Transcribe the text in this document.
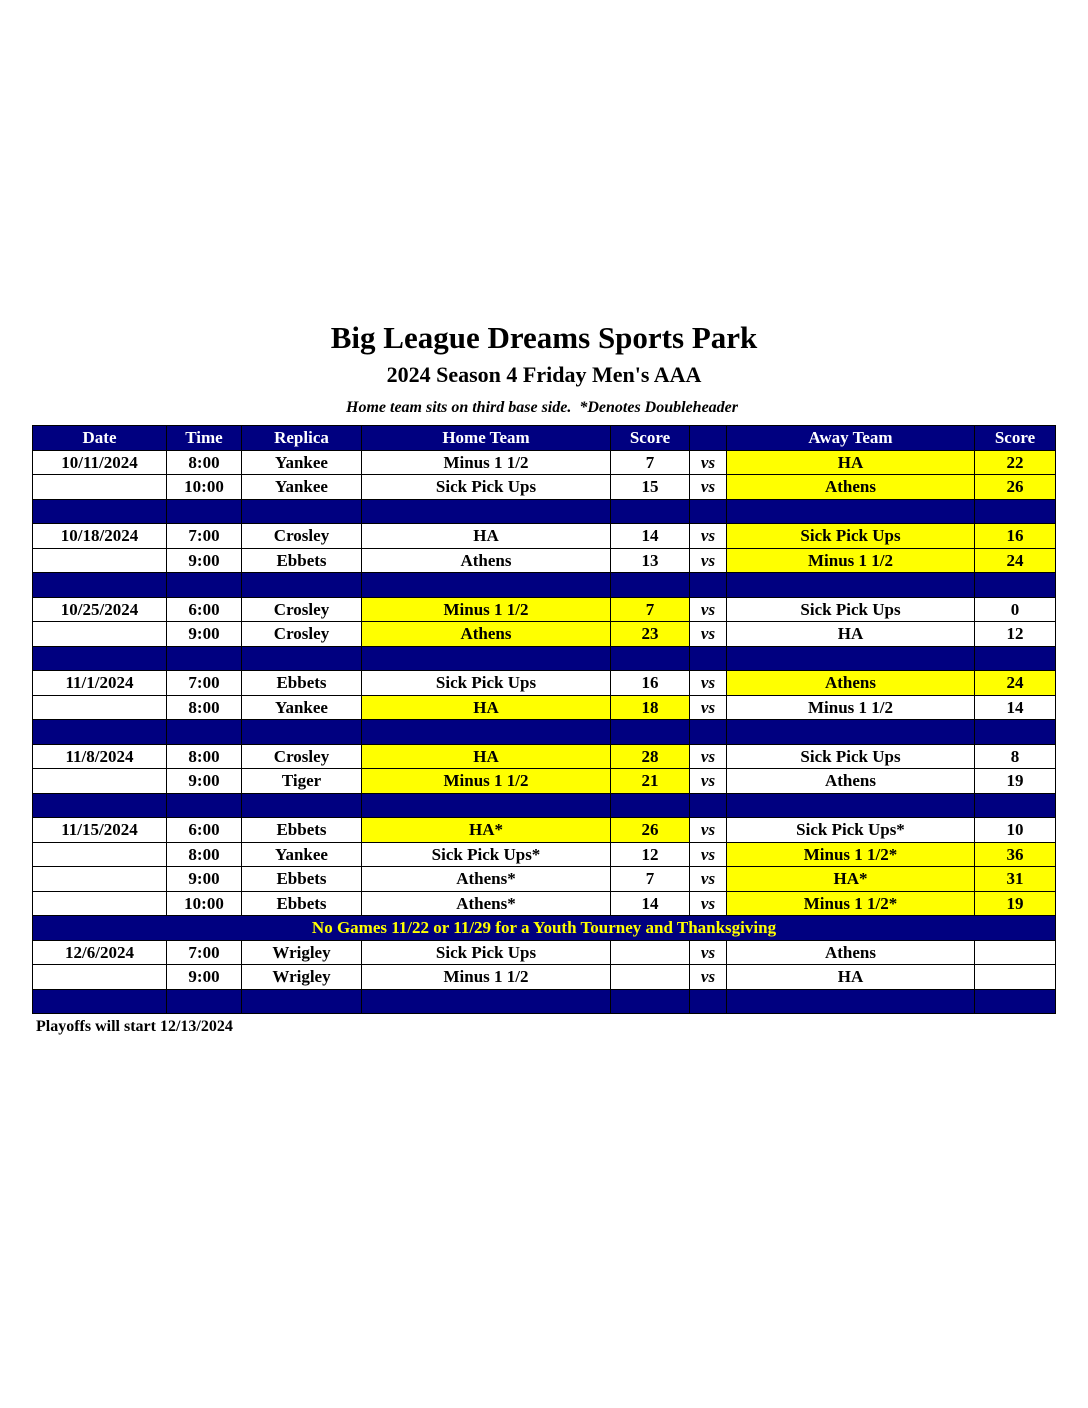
Big League Dreams Sports Park
2024 Season 4 Friday Men's AAA
Home team sits on third base side.  *Denotes Doubleheader
Date	Time	Replica	Home Team	Score		Away Team	Score
10/11/2024	8:00	Yankee	Minus 1 1/2	7	vs	HA	22
	10:00	Yankee	Sick Pick Ups	15	vs	Athens	26

10/18/2024	7:00	Crosley	HA	14	vs	Sick Pick Ups	16
	9:00	Ebbets	Athens	13	vs	Minus 1 1/2	24

10/25/2024	6:00	Crosley	Minus 1 1/2	7	vs	Sick Pick Ups	0
	9:00	Crosley	Athens	23	vs	HA	12

11/1/2024	7:00	Ebbets	Sick Pick Ups	16	vs	Athens	24
	8:00	Yankee	HA	18	vs	Minus 1 1/2	14

11/8/2024	8:00	Crosley	HA	28	vs	Sick Pick Ups	8
	9:00	Tiger	Minus 1 1/2	21	vs	Athens	19

11/15/2024	6:00	Ebbets	HA*	26	vs	Sick Pick Ups*	10
	8:00	Yankee	Sick Pick Ups*	12	vs	Minus 1 1/2*	36
	9:00	Ebbets	Athens*	7	vs	HA*	31
	10:00	Ebbets	Athens*	14	vs	Minus 1 1/2*	19
No Games 11/22 or 11/29 for a Youth Tourney and Thanksgiving							
12/6/2024	7:00	Wrigley	Sick Pick Ups		vs	Athens	
	9:00	Wrigley	Minus 1 1/2		vs	HA	

Playoffs will start 12/13/2024
